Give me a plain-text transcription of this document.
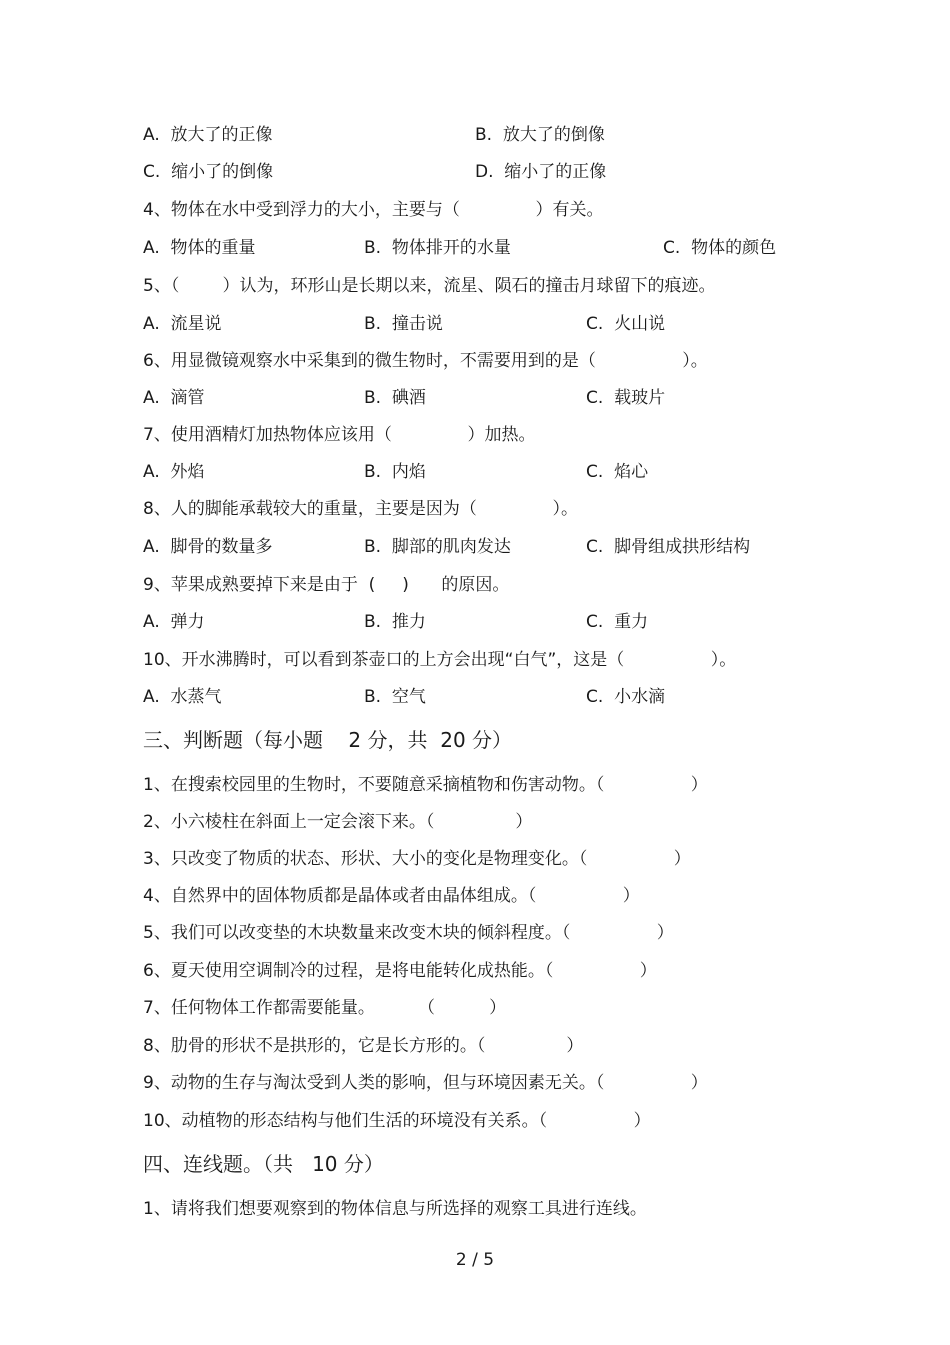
A.  放大了的正像	B.  放大了的倒像
C.  缩小了的倒像	D.  缩小了的正像
4、物体在水中受到浮力的大小，主要与（              ）有关。
A.  物体的重量	B.  物体排开的水量	C.  物体的颜色
5、（        ）认为，环形山是长期以来，流星、陨石的撞击月球留下的痕迹。
A.  流星说	B.  撞击说	C.  火山说
6、用显微镜观察水中采集到的微生物时，不需要用到的是（                ）。
A.  滴管	B.  碘酒	C.  载玻片
7、使用酒精灯加热物体应该用（              ）加热。
A.  外焰	B.  内焰	C.  焰心
8、人的脚能承载较大的重量，主要是因为（              ）。
A.  脚骨的数量多	B.  脚部的肌肉发达	C.  脚骨组成拱形结构
9、苹果成熟要掉下来是由于  (     )      的原因。
A.  弹力	B.  推力	C.  重力
10、开水沸腾时，可以看到茶壶口的上方会出现“白气”，这是（                ）。
A.  水蒸气	B.  空气	C.  小水滴
三、判断题（每小题    2 分，共  20 分）
1、在搜索校园里的生物时，不要随意采摘植物和伤害动物。（                ）
2、小六棱柱在斜面上一定会滚下来。（               ）
3、只改变了物质的状态、形状、大小的变化是物理变化。（                ）
4、自然界中的固体物质都是晶体或者由晶体组成。（                ）
5、我们可以改变垫的木块数量来改变木块的倾斜程度。（                ）
6、夏天使用空调制冷的过程，是将电能转化成热能。（                ）
7、任何物体工作都需要能量。        （          ）
8、肋骨的形状不是拱形的，它是长方形的。（               ）
9、动物的生存与淘汰受到人类的影响，但与环境因素无关。（                ）
10、动植物的形态结构与他们生活的环境没有关系。（                ）
四、连线题。（共   10 分）
1、请将我们想要观察到的物体信息与所选择的观察工具进行连线。
2 / 5
